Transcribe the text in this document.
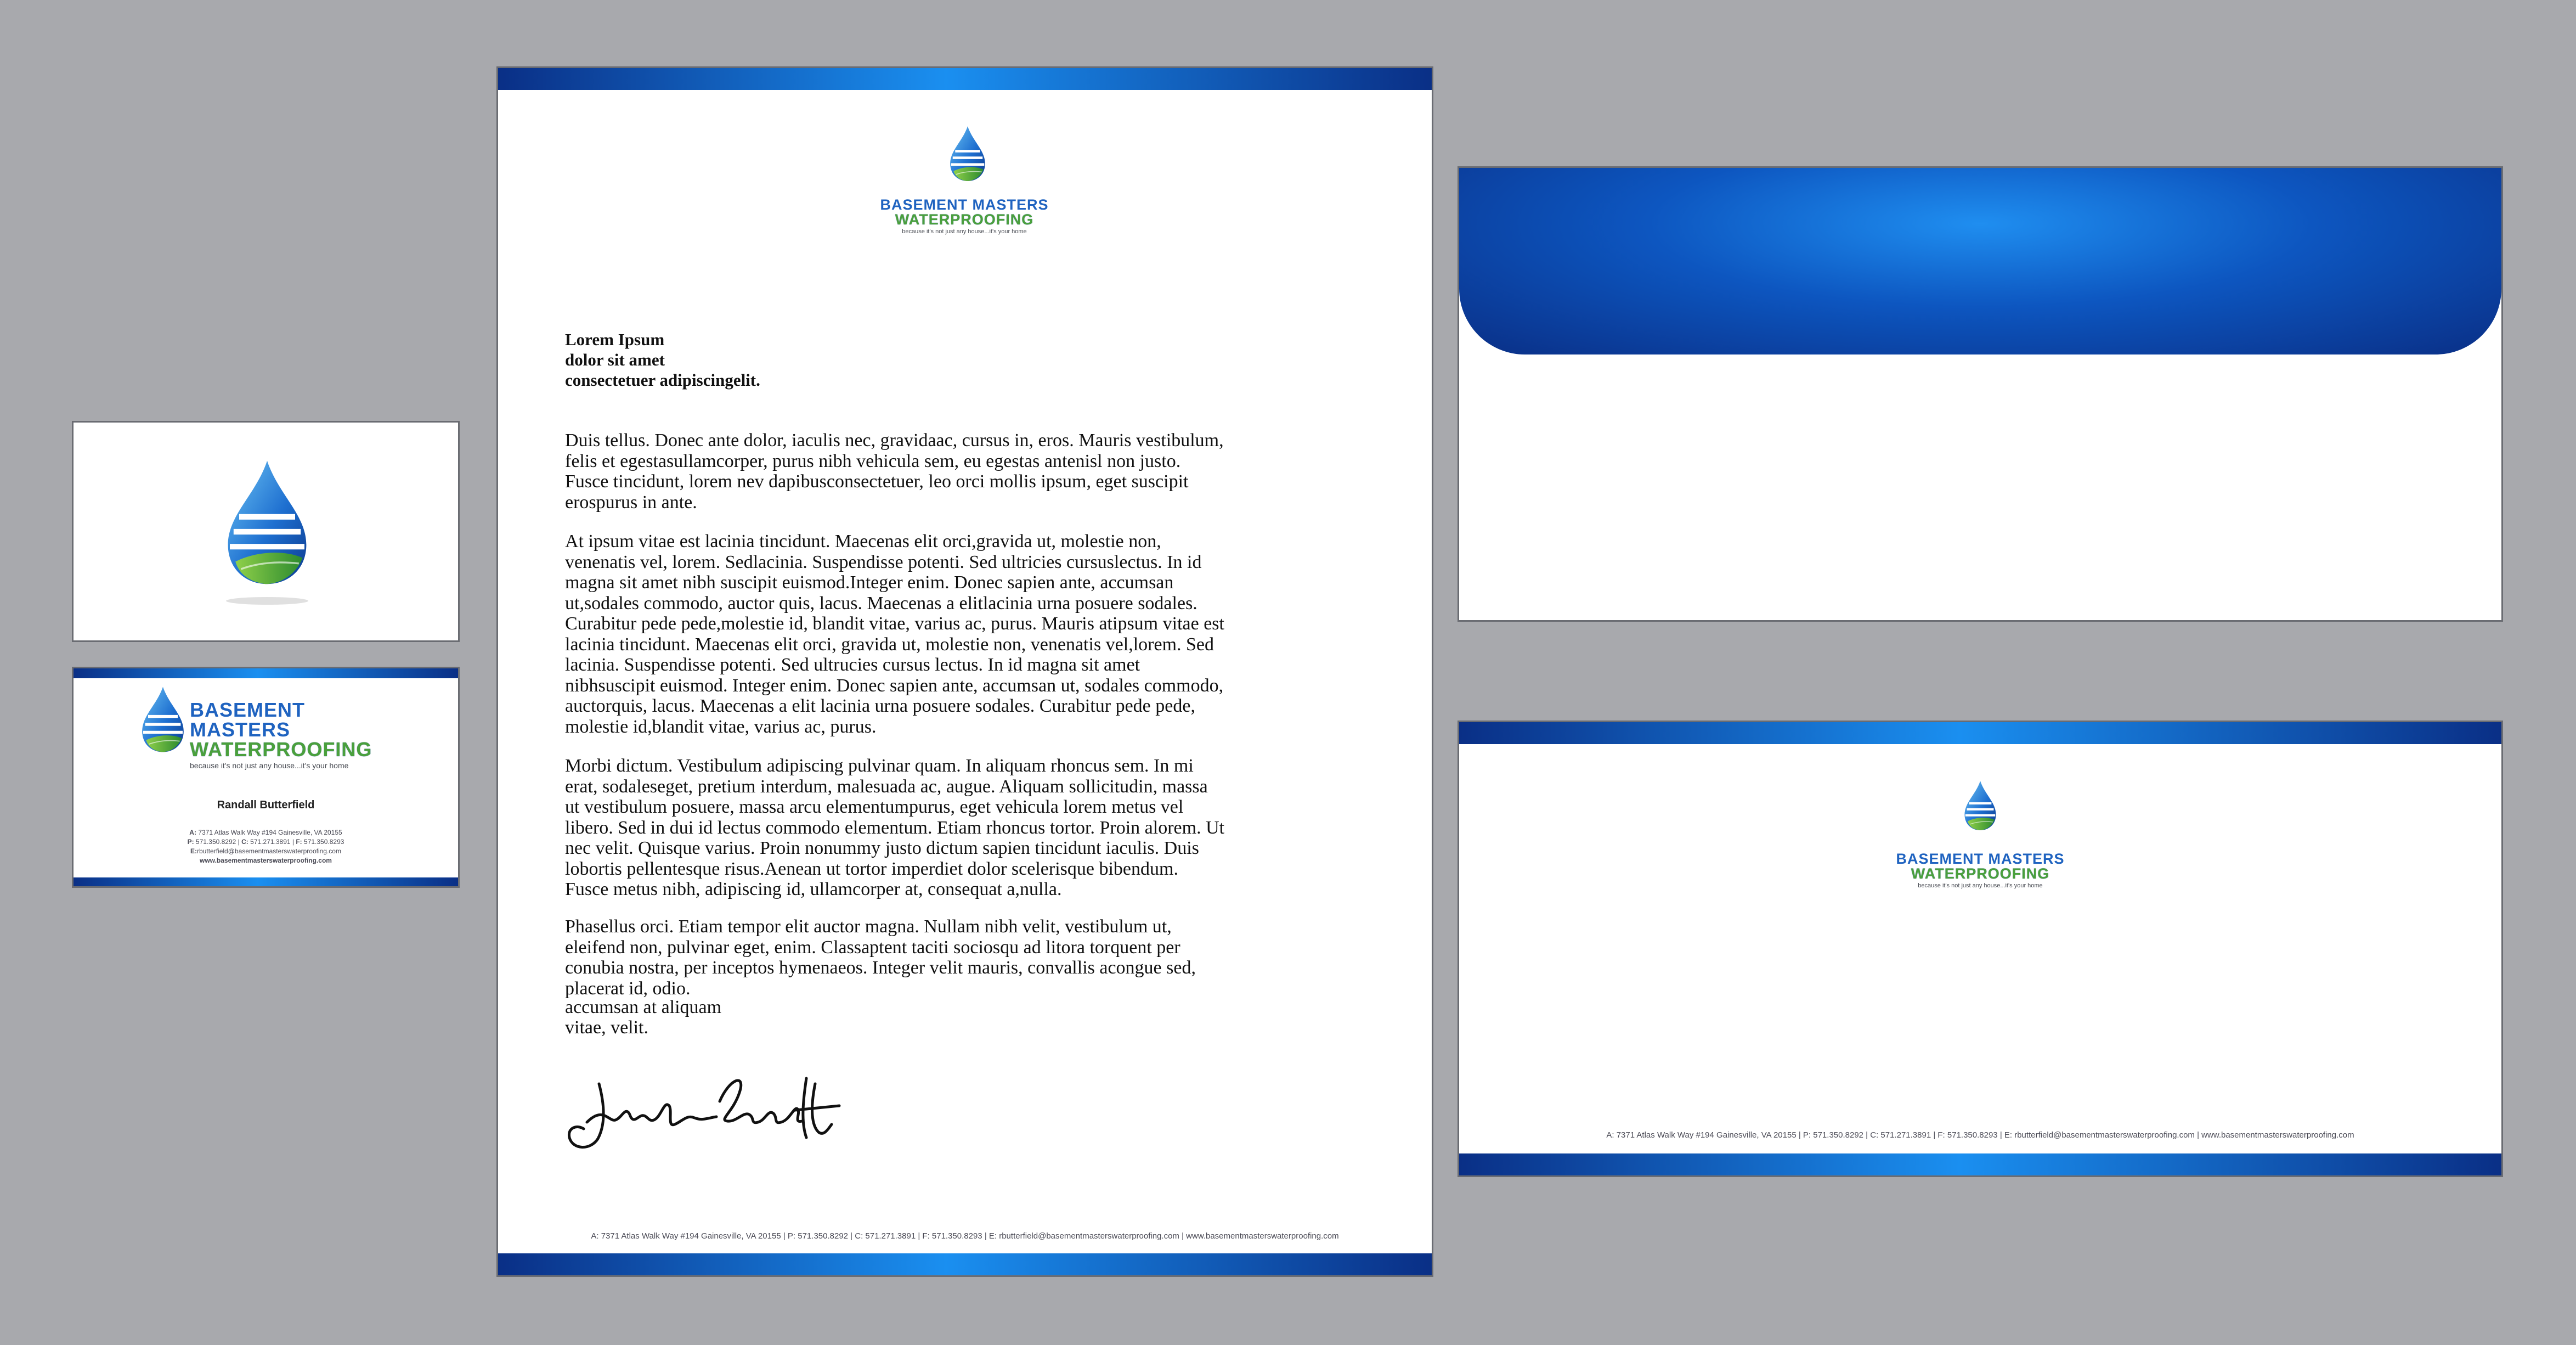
BASEMENT MASTERS
WATERPROOFING
because it's not just any house...it's your home
Randall Butterfield
A: 7371 Atlas Walk Way #194 Gainesville, VA 20155
P: 571.350.8292 | C: 571.271.3891 | F: 571.350.8293
E:rbutterfield@basementmasterswaterproofing.com
www.basementmasterswaterproofing.com
BASEMENT MASTERS
WATERPROOFING
because it's not just any house...it's your home
Lorem Ipsum
dolor sit amet
consectetuer adipiscingelit.

Duis tellus. Donec ante dolor, iaculis nec, gravidaac, cursus in, eros. Mauris vestibulum, felis et egestasullamcorper, purus nibh vehicula sem, eu egestas antenisl non justo. Fusce tincidunt, lorem nev dapibusconsectetuer, leo orci mollis ipsum, eget suscipit erospurus in ante.

At ipsum vitae est lacinia tincidunt. Maecenas elit orci,gravida ut, molestie non, venenatis vel, lorem. Sedlacinia. Suspendisse potenti. Sed ultricies cursuslectus. In id magna sit amet nibh suscipit euismod.Integer enim. Donec sapien ante, accumsan ut,sodales commodo, auctor quis, lacus. Maecenas a elitlacinia urna posuere sodales. Curabitur pede pede,molestie id, blandit vitae, varius ac, purus. Mauris atipsum vitae est lacinia tincidunt. Maecenas elit orci, gravida ut, molestie non, venenatis vel,lorem. Sed lacinia. Suspendisse potenti. Sed ultrucies cursus lectus. In id magna sit amet nibhsuscipit euismod. Integer enim. Donec sapien ante, accumsan ut, sodales commodo, auctorquis, lacus. Maecenas a elit lacinia urna posuere sodales. Curabitur pede pede, molestie id,blandit vitae, varius ac, purus.

Morbi dictum. Vestibulum adipiscing pulvinar quam. In aliquam rhoncus sem. In mi erat, sodaleseget, pretium interdum, malesuada ac, augue. Aliquam sollicitudin, massa ut vestibulum posuere, massa arcu elementumpurus, eget vehicula lorem metus vel libero. Sed in dui id lectus commodo elementum. Etiam rhoncus tortor. Proin alorem. Ut nec velit. Quisque varius. Proin nonummy justo dictum sapien tincidunt iaculis. Duis lobortis pellentesque risus.Aenean ut tortor imperdiet dolor scelerisque bibendum. Fusce metus nibh, adipiscing id, ullamcorper at, consequat a,nulla.

Phasellus orci. Etiam tempor elit auctor magna. Nullam nibh velit, vestibulum ut, eleifend non, pulvinar eget, enim. Classaptent taciti sociosqu ad litora torquent per conubia nostra, per inceptos hymenaeos. Integer velit mauris, convallis acongue sed, placerat id, odio.

accumsan at aliquam
vitae, velit.
A: 7371 Atlas Walk Way #194 Gainesville, VA 20155 | P: 571.350.8292 | C: 571.271.3891 | F: 571.350.8293 | E: rbutterfield@basementmasterswaterproofing.com | www.basementmasterswaterproofing.com
BASEMENT MASTERS
WATERPROOFING
because it's not just any house...it's your home
A: 7371 Atlas Walk Way #194 Gainesville, VA 20155 | P: 571.350.8292 | C: 571.271.3891 | F: 571.350.8293 | E: rbutterfield@basementmasterswaterproofing.com | www.basementmasterswaterproofing.com
